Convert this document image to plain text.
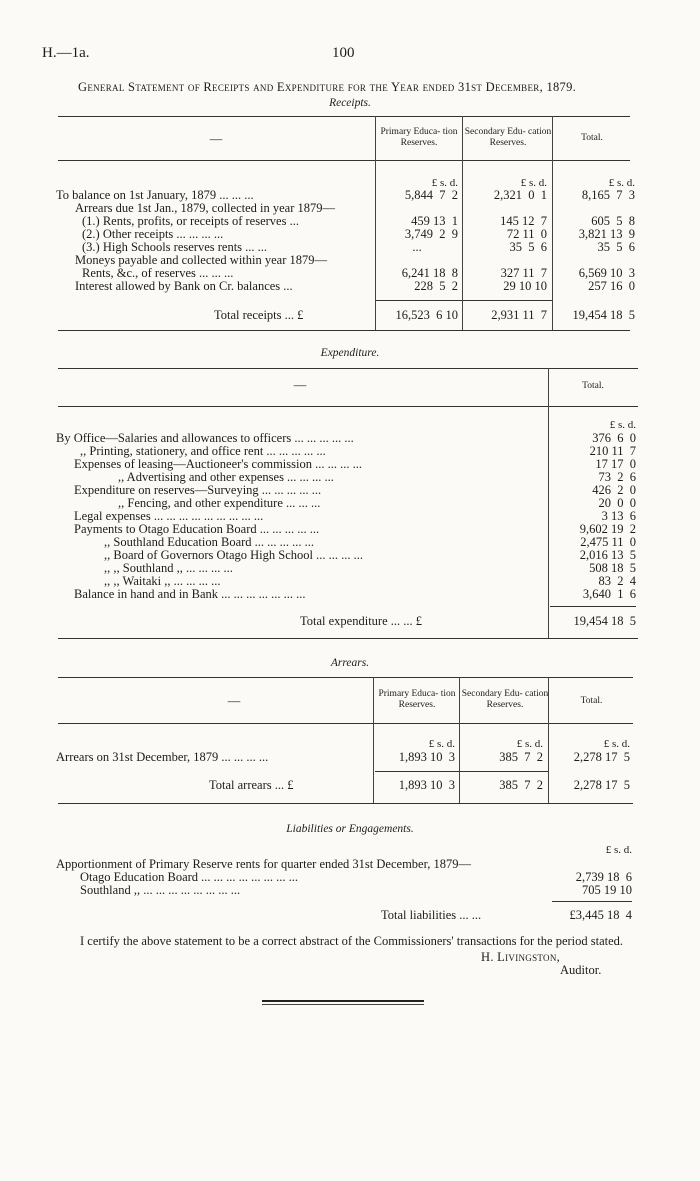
H.—1a.	100
General Statement of Receipts and Expenditure for the Year ended 31st December, 1879.
Receipts.
—	Primary Educa- tion Reserves.
Secondary Edu- cation Reserves.	Total.
£ s. d.	£ s. d.	£ s. d.
To balance on 1st January, 1879 ... ... ...	5,844  7  2	2,321  0  1	8,165  7  3
Arrears due 1st Jan., 1879, collected in year 1879—
(1.) Rents, profits, or receipts of reserves ...	459 13  1	145 12  7	605  5  8
(2.) Other receipts ... ... ... ...	3,749  2  9	72 11  0	3,821 13  9
(3.) High Schools reserves rents ... ...	...	35  5  6	35  5  6
Moneys payable and collected within year 1879—
Rents, &c., of reserves ... ... ...	6,241 18  8	327 11  7	6,569 10  3
Interest allowed by Bank on Cr. balances ...	228  5  2	29 10 10	257 16  0
Total receipts ... £	16,523  6 10	2,931 11  7	19,454 18  5
Expenditure.
—	Total.
£ s. d.
By Office—Salaries and allowances to officers ... ... ... ... ...	376  6  0
,, Printing, stationery, and office rent ... ... ... ... ...	210 11  7
Expenses of leasing—Auctioneer's commission ... ... ... ...	17 17  0
,, Advertising and other expenses ... ... ... ...	73  2  6
Expenditure on reserves—Surveying ... ... ... ... ...	426  2  0
,, Fencing, and other expenditure ... ... ...	20  0  0
Legal expenses ... ... ... ... ... ... ... ... ...	3 13  6
Payments to Otago Education Board ... ... ... ... ...	9,602 19  2
,, Southland Education Board ... ... ... ... ...	2,475 11  0
,, Board of Governors Otago High School ... ... ... ...	2,016 13  5
,, ,, Southland ,, ... ... ... ...	508 18  5
,, ,, Waitaki ,, ... ... ... ...	83  2  4
Balance in hand and in Bank ... ... ... ... ... ... ...	3,640  1  6
Total expenditure ... ... £	19,454 18  5
Arrears.
—	Primary Educa- tion Reserves.
Secondary Edu- cation Reserves.	Total.
£ s. d.	£ s. d.	£ s. d.
Arrears on 31st December, 1879 ... ... ... ...	1,893 10  3	385  7  2	2,278 17  5
Total arrears ... £	1,893 10  3	385  7  2	2,278 17  5
Liabilities or Engagements.
£ s. d.
Apportionment of Primary Reserve rents for quarter ended 31st December, 1879—
Otago Education Board ... ... ... ... ... ... ... ...	2,739 18  6
Southland ,, ... ... ... ... ... ... ... ...	705 19 10
Total liabilities ... ...	£3,445 18  4
I certify the above statement to be a correct abstract of the Commissioners' transactions for the period stated.
H. Livingston,
Auditor.
